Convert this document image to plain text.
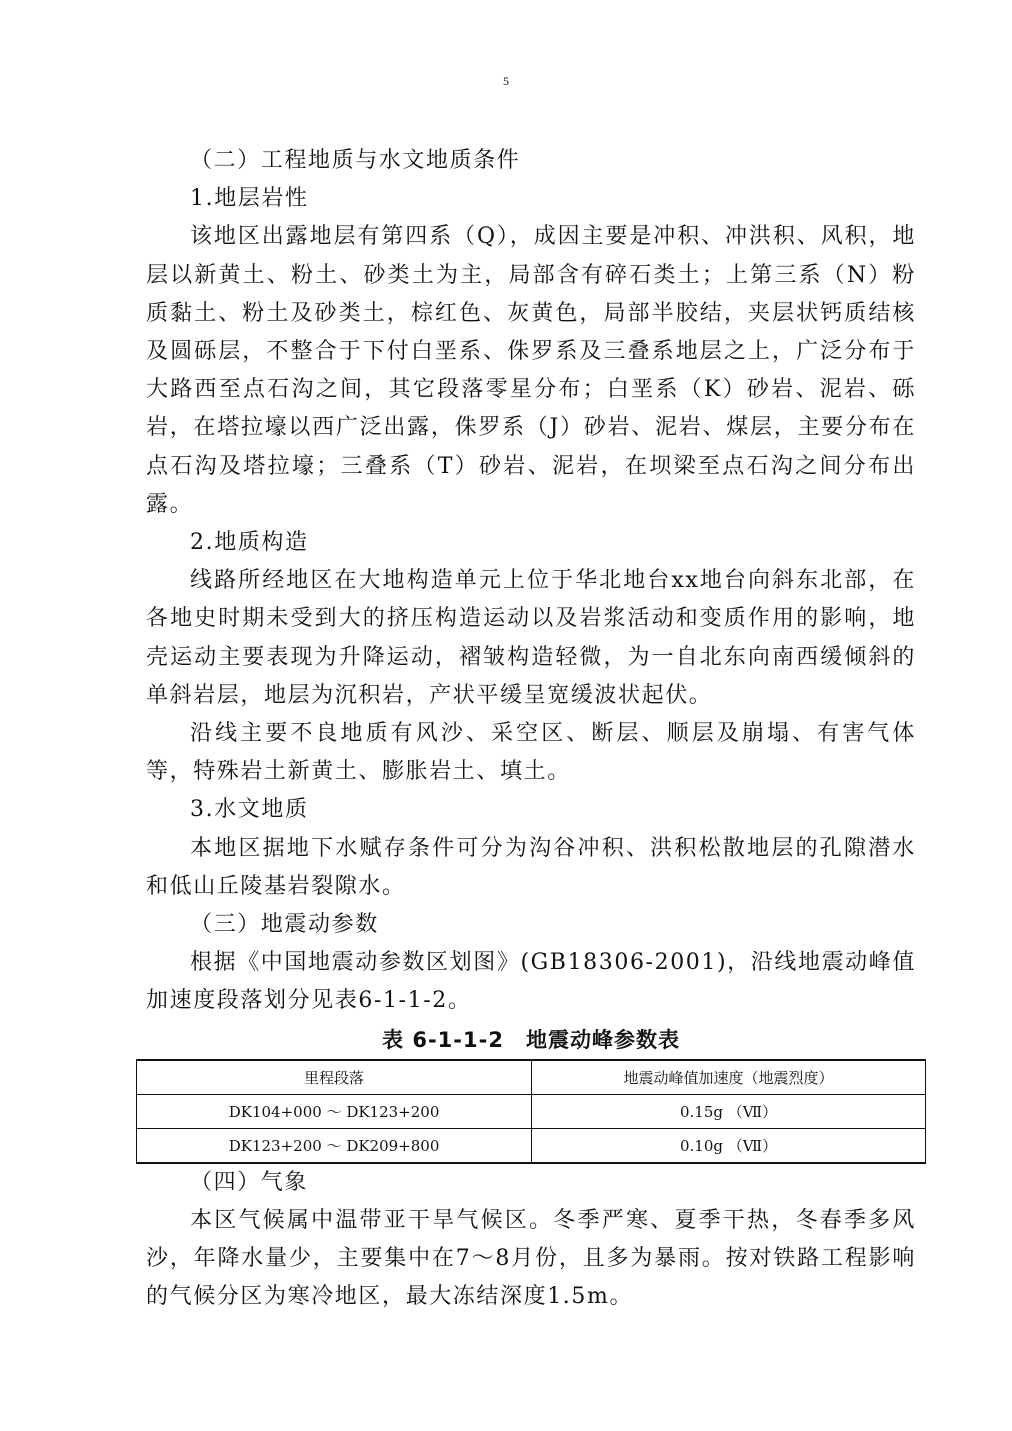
5
（二）工程地质与水文地质条件
1.地层岩性

该地区出露地层有第四系（Q），成因主要是冲积、冲洪积、风积，地层以新黄土、粉土、砂类土为主，局部含有碎石类土；上第三系（N）粉质黏土、粉土及砂类土，棕红色、灰黄色，局部半胶结，夹层状钙质结核及圆砾层，不整合于下付白垩系、侏罗系及三叠系地层之上，广泛分布于大路西至点石沟之间，其它段落零星分布；白垩系（K）砂岩、泥岩、砾岩，在塔拉壕以西广泛出露，侏罗系（J）砂岩、泥岩、煤层，主要分布在点石沟及塔拉壕；三叠系（T）砂岩、泥岩，在坝梁至点石沟之间分布出露。

2.地质构造

线路所经地区在大地构造单元上位于华北地台xx地台向斜东北部，在各地史时期未受到大的挤压构造运动以及岩浆活动和变质作用的影响，地壳运动主要表现为升降运动，褶皱构造轻微，为一自北东向南西缓倾斜的单斜岩层，地层为沉积岩，产状平缓呈宽缓波状起伏。

沿线主要不良地质有风沙、采空区、断层、顺层及崩塌、有害气体等，特殊岩土新黄土、膨胀岩土、填土。

3.水文地质

本地区据地下水赋存条件可分为沟谷冲积、洪积松散地层的孔隙潜水和低山丘陵基岩裂隙水。

（三）地震动参数

根据《中国地震动参数区划图》(GB18306-2001)，沿线地震动峰值加速度段落划分见表6-1-1-2。

表 6-1-1-2　地震动峰参数表
里程段落	地震动峰值加速度（地震烈度）
DK104+000 ～ DK123+200	0.15g （Ⅶ）
DK123+200 ～ DK209+800	0.10g （Ⅶ）
（四）气象

本区气候属中温带亚干旱气候区。冬季严寒、夏季干热，冬春季多风沙，年降水量少，主要集中在7～8月份，且多为暴雨。按对铁路工程影响的气候分区为寒冷地区，最大冻结深度1.5m。
